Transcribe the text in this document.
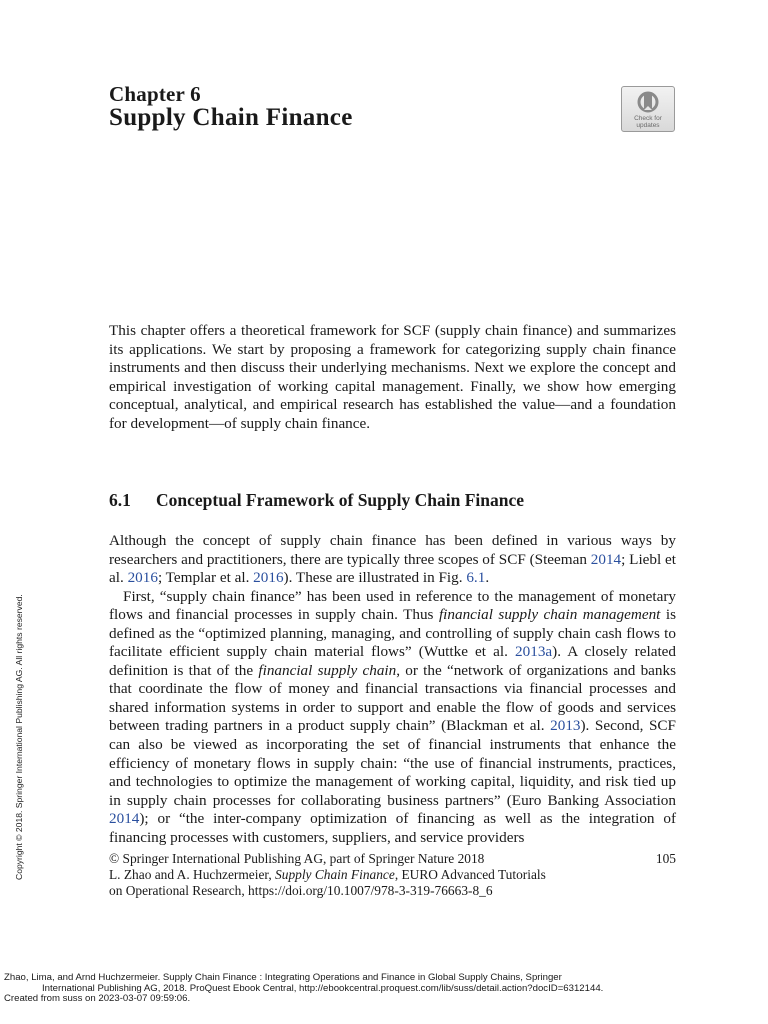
Chapter 6
Supply Chain Finance	Check for
updates
This chapter offers a theoretical framework for SCF (supply chain finance) and summarizes its applications. We start by proposing a framework for categorizing supply chain finance instruments and then discuss their underlying mechanisms. Next we explore the concept and empirical investigation of working capital management. Finally, we show how emerging conceptual, analytical, and empirical research has established the value—and a foundation for development—of supply chain finance.
6.1 Conceptual Framework of Supply Chain Finance

Although the concept of supply chain finance has been defined in various ways by researchers and practitioners, there are typically three scopes of SCF (Steeman 2014; Liebl et al. 2016; Templar et al. 2016). These are illustrated in Fig. 6.1.

First, “supply chain finance” has been used in reference to the management of monetary flows and financial processes in supply chain. Thus financial supply chain management is defined as the “optimized planning, managing, and controlling of supply chain cash flows to facilitate efficient supply chain material flows” (Wuttke et al. 2013a). A closely related definition is that of the financial supply chain, or the “network of organizations and banks that coordinate the flow of money and financial transactions via financial processes and shared information systems in order to support and enable the flow of goods and services between trading partners in a product supply chain” (Blackman et al. 2013). Second, SCF can also be viewed as incorporating the set of financial instruments that enhance the efficiency of monetary flows in supply chain: “the use of financial instruments, practices, and technologies to optimize the management of working capital, liquidity, and risk tied up in supply chain processes for collaborating business partners” (Euro Banking Association 2014); or “the inter-company optimization of financing as well as the integration of financing processes with customers, suppliers, and service providers

© Springer International Publishing AG, part of Springer Nature 2018	105
L. Zhao and A. Huchzermeier, Supply Chain Finance, EURO Advanced Tutorials
on Operational Research, https://doi.org/10.1007/978-3-319-76663-8_6
Copyright © 2018. Springer International Publishing AG. All rights reserved.
Zhao, Lima, and Arnd Huchzermeier. Supply Chain Finance : Integrating Operations and Finance in Global Supply Chains, Springer
International Publishing AG, 2018. ProQuest Ebook Central, http://ebookcentral.proquest.com/lib/suss/detail.action?docID=6312144.
Created from suss on 2023-03-07 09:59:06.
